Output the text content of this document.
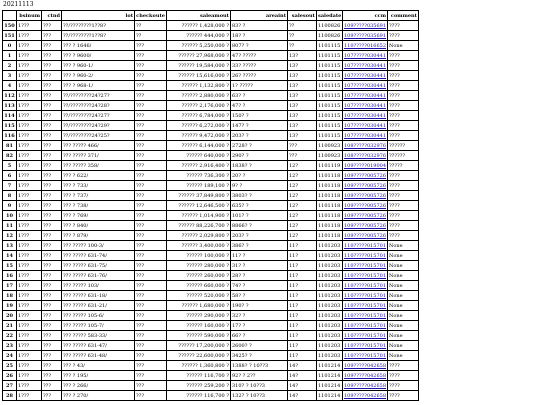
20211113
	bsinum	ctnd	lot	checkoute	saleamout	areaint	salesout	saledate	ccm	comment
150	1???	???	??/????????1??8?	??	?????? 1,428,000 ?	83? ?	??	1100826	109?????035691	????
151	1???	???	??/????????1??8?	??	?????? 444,000 ?	18? ?	??	1100826	109?????035691	????
0	1???	???	??? ? 1646/	???	?????? 5,250,000 ?	807? ?	??	1101115	110?????016652	None
1	1???	???	??? ? 9600/	???	?????? 27,968,000 ?	47? ?????	13?	1101115	107?????030441	????
2	1???	???	??? ? 960-1/	???	?????? 19,584,000 ?	33? ?????	13?	1101115	107?????030441	????
3	1???	???	??? ? 960-2/	???	?????? 15,616,000 ?	26? ?????	13?	1101115	107?????030441	????
4	1???	???	??? ? 968-1/	???	?????? 1,132,800 ?	1? ?????	13?	1101115	107?????030441	????
112	1???	???	??/????????24?27?	???	?????? 2,880,000 ?	63? ?	13?	1101115	107?????030441	????
113	1???	???	??/????????24?28?	???	?????? 2,176,000 ?	47? ?	13?	1101115	107?????030441	????
114	1???	???	??/????????24?27?	???	?????? 6,784,000 ?	150? ?	13?	1101115	107?????030441	????
115	1???	???	??/????????24?29?	???	?????? 6,272,000 ?	147? ?	13?	1101115	107?????030441	????
116	1???	???	??/????????24?25?	???	?????? 9,472,000 ?	203? ?	13?	1101115	107?????030441	????
81	1???	???	??? ????? 466/	???	?????? 6,144,000 ?	2728? ?	???	1100923	108?????032976	??????
82	1???	???	??? ????? 371/	???	?????? 640,000 ?	290? ?	???	1100923	108?????032976	??????
5	1???	???	??? ????? 358/	???	?????? 2,916,400 ?	1838? ?	12?	1101119	109?????019004	?????
6	1???	???	??? ? 622/	???	?????? 736,300 ?	20? ?	12?	1101118	109?????005726	????
7	1???	???	??? ? 733/	???	?????? 189,100 ?	9? ?	12?	1101118	109?????005726	????
8	1???	???	??? ? 737/	???	?????? 37,849,800 ?	3803? ?	12?	1101118	109?????005726	????
9	1???	???	??? ? 738/	???	?????? 12,646,500 ?	635? ?	12?	1101118	109?????005726	????
10	1???	???	??? ? 769/	???	?????? 1,014,900 ?	101? ?	12?	1101118	109?????005726	????
11	1???	???	??? ? 840/	???	?????? 88,226,700 ?	8866? ?	12?	1101118	109?????005726	????
12	1???	???	??? ? 879/	???	?????? 2,029,800 ?	203? ?	12?	1101118	109?????005726	????
13	1???	???	??? ????? 100-3/	???	?????? 3,400,000 ?	386? ?	11?	1101203	110?????015701	None
14	1???	???	??? ????? 631-74/	???	?????? 100,000 ?	11? ?	11?	1101203	110?????015701	None
15	1???	???	??? ????? 631-75/	???	?????? 280,000 ?	31? ?	11?	1101203	110?????015701	None
16	1???	???	??? ????? 631-76/	???	?????? 260,000 ?	28? ?	11?	1101203	110?????015701	None
17	1???	???	??? ????? 103/	???	?????? 660,000 ?	74? ?	11?	1101203	110?????015701	None
18	1???	???	??? ????? 631-18/	???	?????? 520,000 ?	58? ?	11?	1101203	110?????015701	None
19	1???	???	??? ????? 631-21/	???	?????? 1,680,000 ?	190? ?	11?	1101203	110?????015701	None
20	1???	???	??? ????? 105-6/	???	?????? 290,000 ?	32? ?	11?	1101203	110?????015701	None
21	1???	???	??? ????? 105-7/	???	?????? 160,000 ?	17? ?	11?	1101203	110?????015701	None
22	1???	???	??? ????? 583-33/	???	?????? 590,000 ?	66? ?	11?	1101203	110?????015701	None
23	1???	???	??? ????? 631-47/	???	?????? 17,200,000 ?	2600? ?	11?	1101203	110?????015701	None
24	1???	???	??? ????? 631-48/	???	?????? 22,600,000 ?	3425? ?	11?	1101203	110?????015701	None
25	1???	???	??? ? 43/	???	?????? 1,360,800 ?	1388? ? 10??3	14?	1101214	109?????042658	????
26	1???	???	??? ? 195/	???	?????? 116,700 ?	92? ? 2??	14?	1101214	109?????042658	????
27	1???	???	??? ? 266/	???	?????? 259,200 ?	310? ? 10??3	14?	1101214	109?????042658	????
28	1???	???	??? ? 270/	???	?????? 116,700 ?	132? ? 10??3	14?	1101214	109?????042658	????
